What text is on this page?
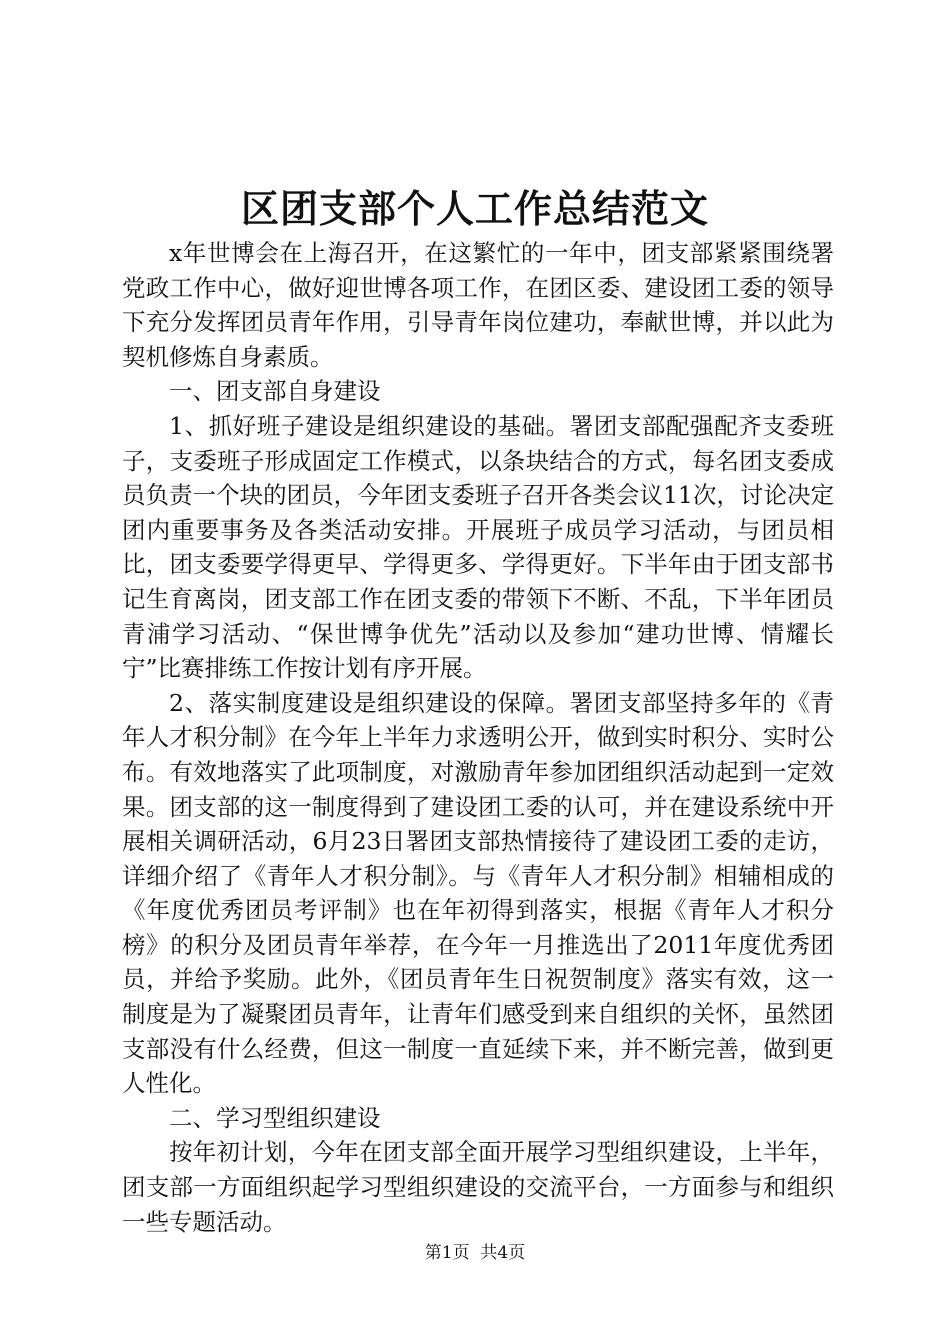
区团支部个人工作总结范文

x年世博会在上海召开，在这繁忙的一年中，团支部紧紧围绕署党政工作中心，做好迎世博各项工作，在团区委、建设团工委的领导下充分发挥团员青年作用，引导青年岗位建功，奉献世博，并以此为契机修炼自身素质。

一、团支部自身建设

1、抓好班子建设是组织建设的基础。署团支部配强配齐支委班子，支委班子形成固定工作模式，以条块结合的方式，每名团支委成员负责一个块的团员，今年团支委班子召开各类会议11次，讨论决定团内重要事务及各类活动安排。开展班子成员学习活动，与团员相比，团支委要学得更早、学得更多、学得更好。下半年由于团支部书记生育离岗，团支部工作在团支委的带领下不断、不乱，下半年团员青浦学习活动、“保世博争优先”活动以及参加“建功世博、情耀长宁”比赛排练工作按计划有序开展。

2、落实制度建设是组织建设的保障。署团支部坚持多年的《青年人才积分制》在今年上半年力求透明公开，做到实时积分、实时公布。有效地落实了此项制度，对激励青年参加团组织活动起到一定效果。团支部的这一制度得到了建设团工委的认可，并在建设系统中开展相关调研活动，6月23日署团支部热情接待了建设团工委的走访，详细介绍了《青年人才积分制》。与《青年人才积分制》相辅相成的《年度优秀团员考评制》也在年初得到落实，根据《青年人才积分榜》的积分及团员青年举荐，在今年一月推选出了2011年度优秀团员，并给予奖励。此外，《团员青年生日祝贺制度》落实有效，这一制度是为了凝聚团员青年，让青年们感受到来自组织的关怀，虽然团支部没有什么经费，但这一制度一直延续下来，并不断完善，做到更人性化。

二、学习型组织建设

按年初计划，今年在团支部全面开展学习型组织建设，上半年，团支部一方面组织起学习型组织建设的交流平台，一方面参与和组织一些专题活动。

第1页  共4页
